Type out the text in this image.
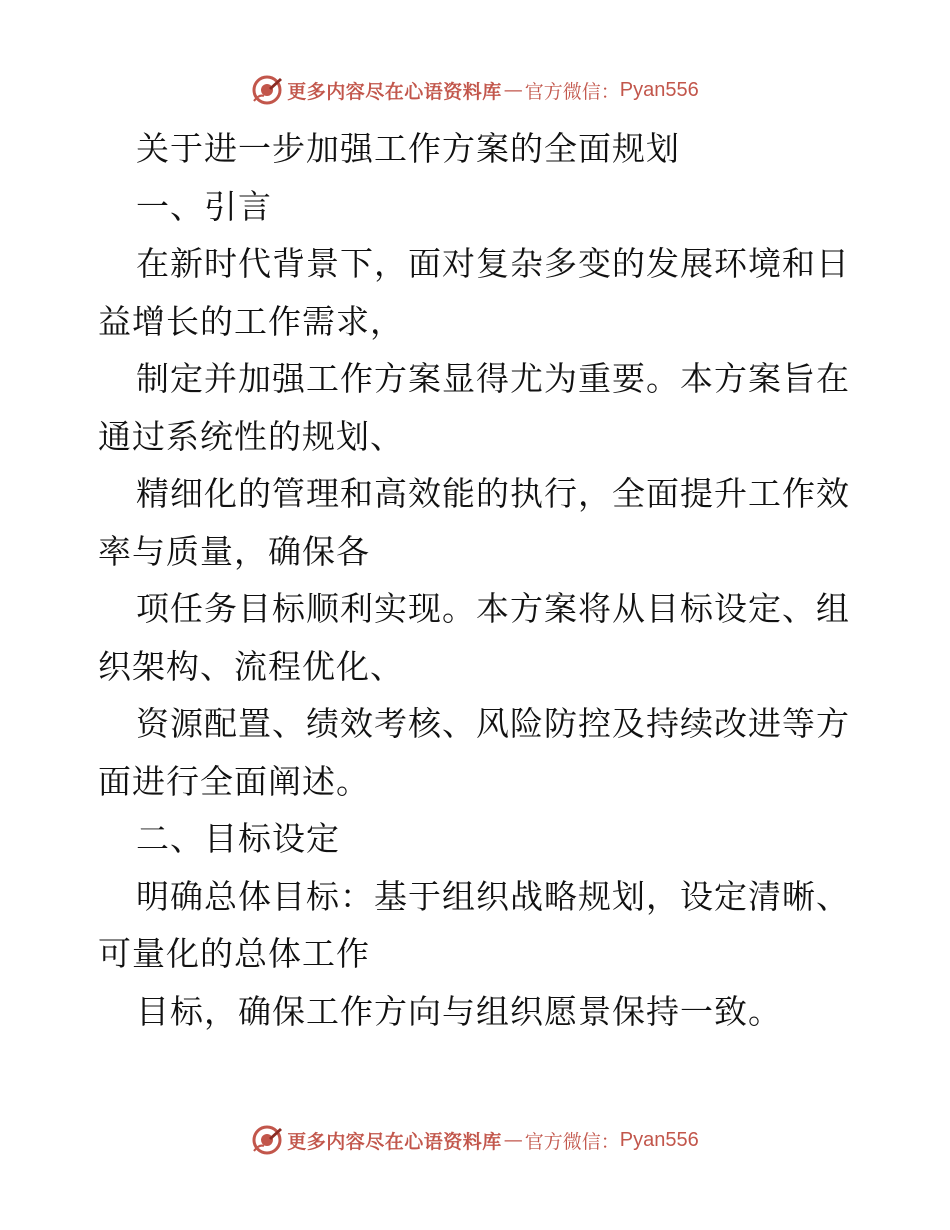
更多内容尽在心语资料库 — 官方微信： Pyan556
关于进一步加强工作方案的全面规划
一、引言
在新时代背景下，面对复杂多变的发展环境和日
益增长的工作需求，
制定并加强工作方案显得尤为重要。本方案旨在
通过系统性的规划、
精细化的管理和高效能的执行，全面提升工作效
率与质量，确保各
项任务目标顺利实现。本方案将从目标设定、组
织架构、流程优化、
资源配置、绩效考核、风险防控及持续改进等方
面进行全面阐述。
二、目标设定
明确总体目标：基于组织战略规划，设定清晰、
可量化的总体工作
目标，确保工作方向与组织愿景保持一致。
更多内容尽在心语资料库 — 官方微信： Pyan556
